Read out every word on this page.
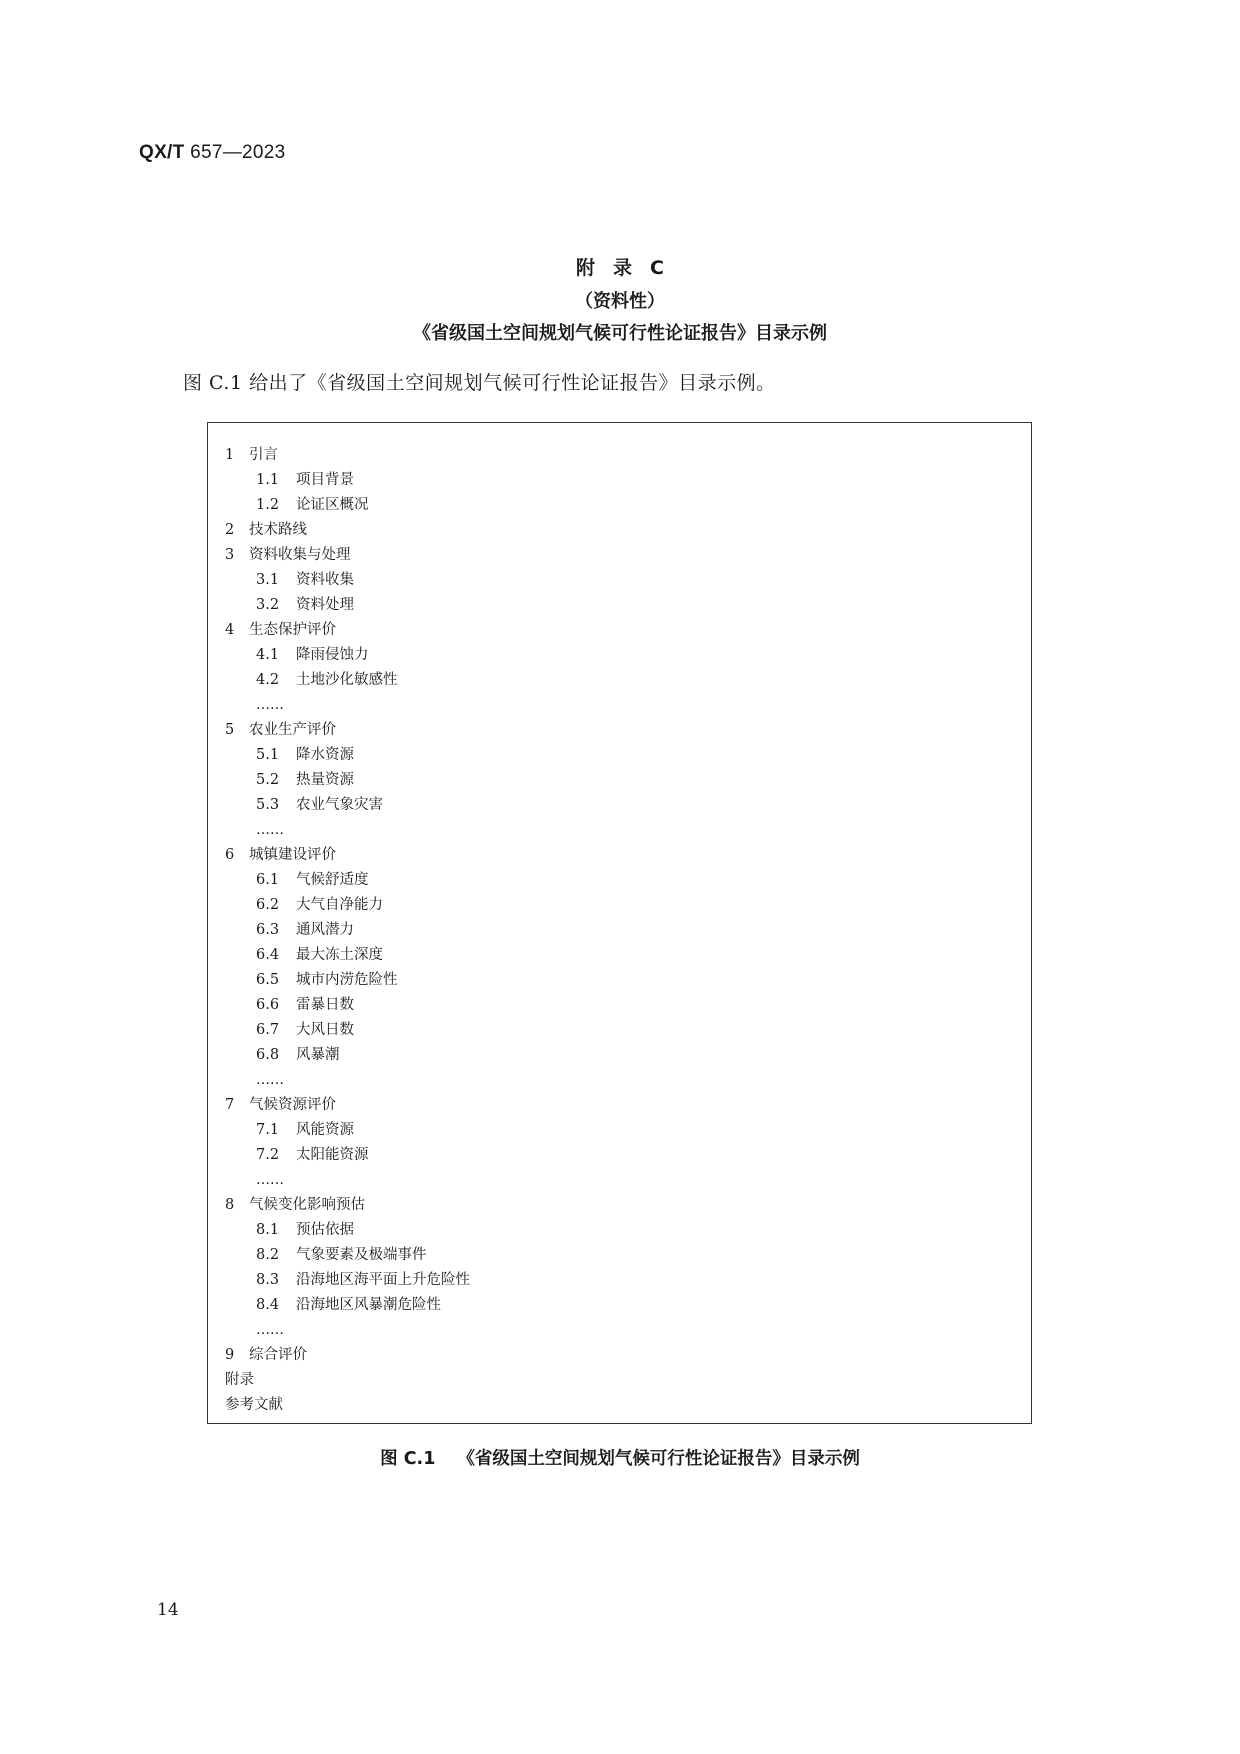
QX/T 657—2023
附录C
（资料性）
《省级国土空间规划气候可行性论证报告》目录示例
图 C.1 给出了《省级国土空间规划气候可行性论证报告》目录示例。
1 引言
1.1 项目背景
1.2 论证区概况
2 技术路线
3 资料收集与处理
3.1 资料收集
3.2 资料处理
4 生态保护评价
4.1 降雨侵蚀力
4.2 土地沙化敏感性
……
5 农业生产评价
5.1 降水资源
5.2 热量资源
5.3 农业气象灾害
……
6 城镇建设评价
6.1 气候舒适度
6.2 大气自净能力
6.3 通风潜力
6.4 最大冻土深度
6.5 城市内涝危险性
6.6 雷暴日数
6.7 大风日数
6.8 风暴潮
……
7 气候资源评价
7.1 风能资源
7.2 太阳能资源
……
8 气候变化影响预估
8.1 预估依据
8.2 气象要素及极端事件
8.3 沿海地区海平面上升危险性
8.4 沿海地区风暴潮危险性
……
9 综合评价
附录
参考文献
图 C.1 《省级国土空间规划气候可行性论证报告》目录示例
14
